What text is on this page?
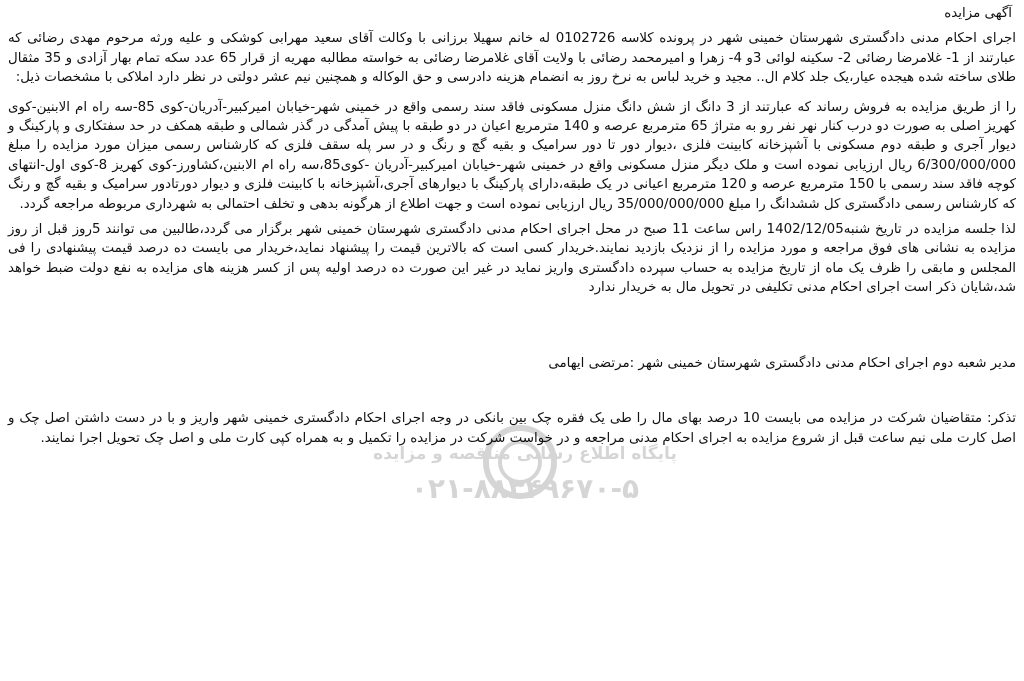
آگهی مزایده
اجرای احکام مدنی دادگستری شهرستان خمینی شهر در پرونده کلاسه 0102726 له خانم سهیلا برزانی با وکالت آقای سعید مهرابی کوشکی و علیه ورثه مرحوم مهدی رضائی که عبارتند از 1- غلامرضا رضائی 2- سکینه لوائی 3و 4- زهرا و امیرمحمد رضائی با ولایت آقای غلامرضا رضائی به خواسته مطالبه مهریه از قرار 65 عدد سکه تمام بهار آزادی و 35 مثقال طلای ساخته شده هیجده عیار،یک جلد کلام ال.. مجید و خرید لباس به نرخ روز به انضمام هزینه دادرسی و حق الوکاله و همچنین نیم عشر دولتی در نظر دارد املاکی با مشخصات ذیل:
را از طریق مزایده به فروش رساند که عبارتند از 3 دانگ از شش دانگ منزل مسکونی فاقد سند رسمی واقع در خمینی شهر-خیابان امیرکبیر-آدریان-کوی 85-سه راه ام الابنین-کوی کهریز اصلی به صورت دو درب کنار نهر نفر رو به متراژ 65 مترمربع عرصه و 140 مترمربع اعیان در دو طبقه با پیش آمدگی در گذر شمالی و طبقه همکف در حد سفتکاری و پارکینگ و دیوار آجری و طبقه دوم مسکونی با آشپزخانه کابینت فلزی ،دیوار دور تا دور سرامیک و بقیه گچ و رنگ و در سر پله سقف فلزی که کارشناس رسمی میزان مورد مزایده را مبلغ 6/300/000/000 ریال ارزیابی نموده است و ملک دیگر منزل مسکونی واقع در خمینی شهر-خیابان امیرکبیر-آدریان -کوی85،سه راه ام الابنین،کشاورز-کوی کهریز 8-کوی اول-انتهای کوچه فاقد سند رسمی با 150 مترمربع عرصه و 120 مترمربع اعیانی در یک طبقه،دارای پارکینگ با دیوارهای آجری،آشپزخانه با کابینت فلزی و دیوار دورتادور سرامیک و بقیه گچ و رنگ که کارشناس رسمی دادگستری کل ششدانگ را مبلغ 35/000/000/000 ریال ارزیابی نموده است و جهت اطلاع از هرگونه بدهی و تخلف احتمالی به شهرداری مربوطه مراجعه گردد.
لذا جلسه مزایده در تاریخ شنبه1402/12/05 راس ساعت 11 صبح در محل اجرای احکام مدنی دادگستری شهرستان خمینی شهر برگزار می گردد،طالبین می توانند 5روز قبل از روز مزایده به نشانی های فوق مراجعه و مورد مزایده را از نزدیک بازدید نمایند.خریدار کسی است که بالاترین قیمت را پیشنهاد نماید،خریدار می بایست ده درصد قیمت پیشنهادی را فی المجلس و مابقی را ظرف یک ماه از تاریخ مزایده به حساب سپرده دادگستری واریز نماید در غیر این صورت ده درصد اولیه پس از کسر هزینه های مزایده به نفع دولت ضبط خواهد شد،شایان ذکر است اجرای احکام مدنی تکلیفی در تحویل مال به خریدار ندارد
مدیر شعبه دوم اجرای احکام مدنی دادگستری شهرستان خمینی شهر :مرتضی ایهامی
تذکر: متقاضیان شرکت در مزایده می بایست 10 درصد بهای مال را طی یک فقره چک بین بانکی در وجه اجرای احکام دادگستری خمینی شهر واریز و با در دست داشتن اصل چک و اصل کارت ملی نیم ساعت قبل از شروع مزایده به اجرای احکام مدنی مراجعه و در خواست شرکت در مزایده را تکمیل و به همراه کپی کارت ملی و اصل چک تحویل اجرا نمایند.
پایگاه اطلاع رسانی مناقصه و مزایده
۰۲۱-۸۸۳۴۹۶۷۰-۵
